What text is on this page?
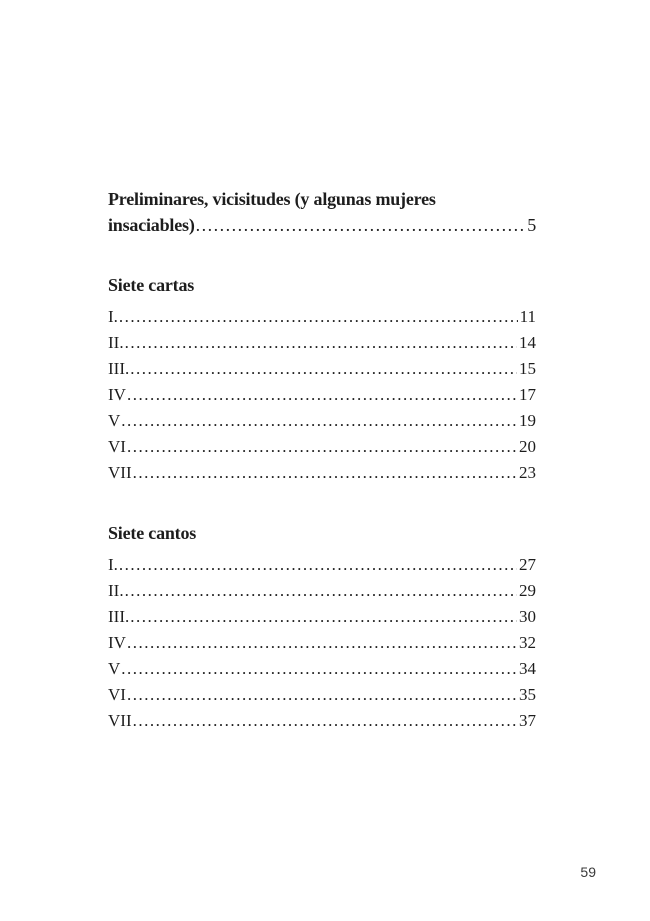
Preliminares, vicisitudes (y algunas mujeres
insaciables) .....	5
Siete cartas
I. .....	11
II. .....	14
III. .....	15
IV .....	17
V .....	19
VI .....	20
VII .....	23
Siete cantos
I. .....	27
II. .....	29
III. .....	30
IV .....	32
V .....	34
VI .....	35
VII .....	37
59
